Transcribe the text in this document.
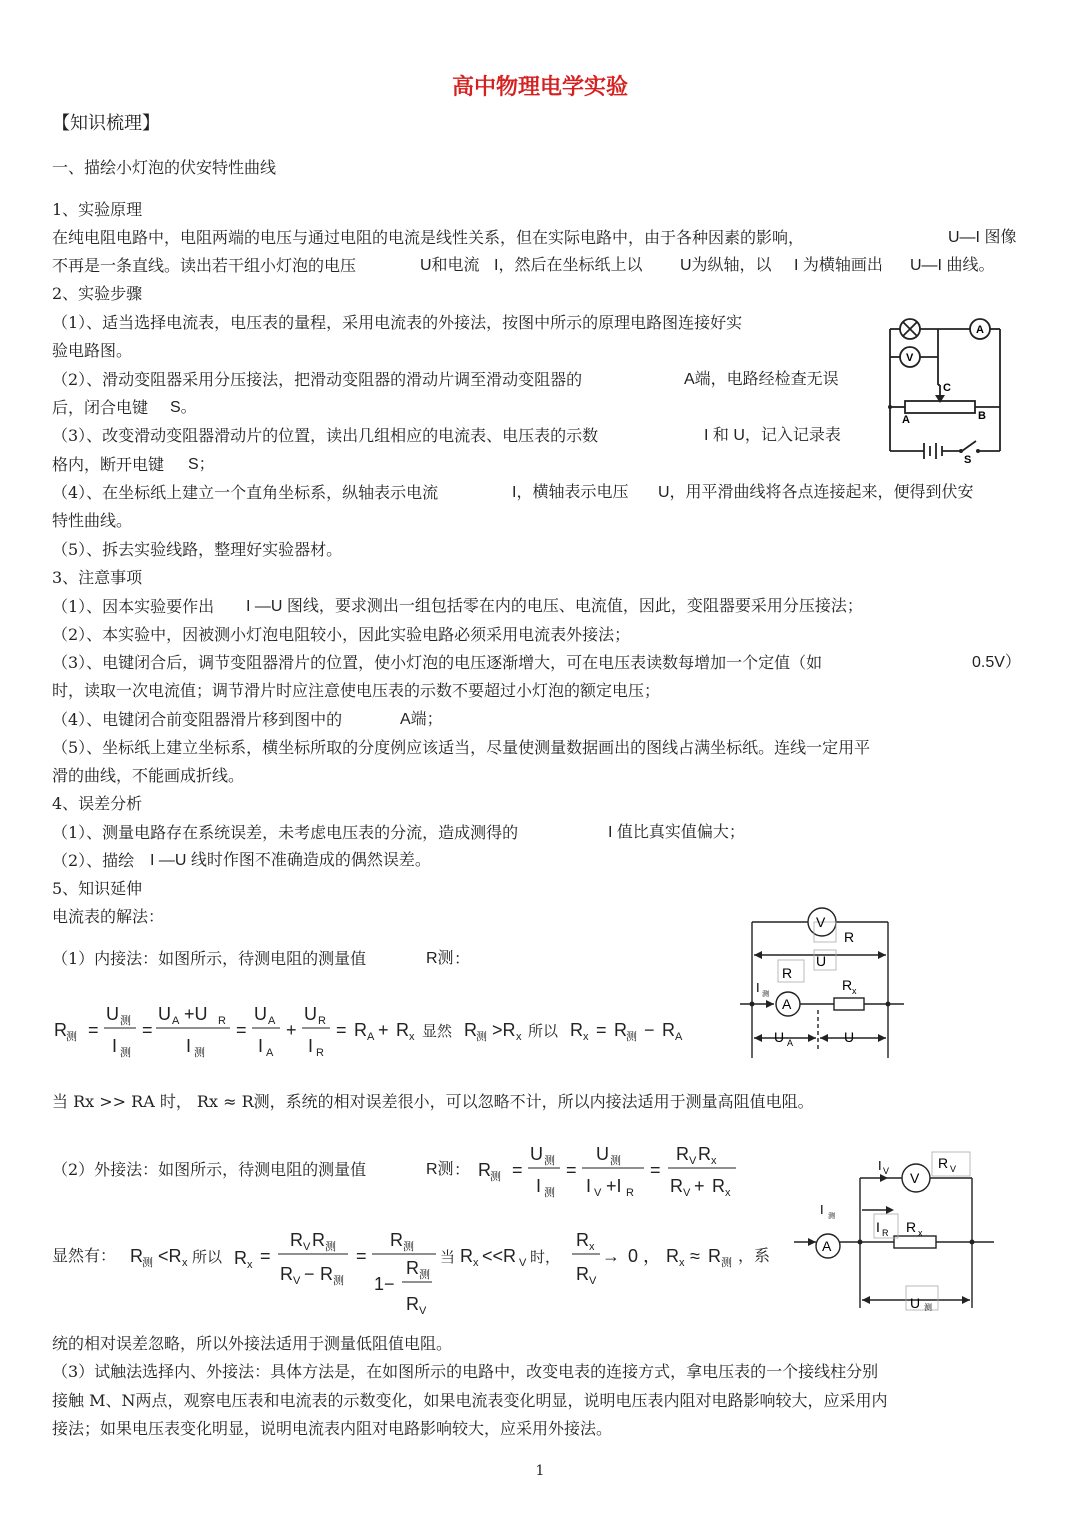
高中物理电学实验
【知识梳理】
一、描绘小灯泡的伏安特性曲线
1、实验原理
在纯电阻电路中，电阻两端的电压与通过电阻的电流是线性关系，但在实际电路中，由于各种因素的影响，	U—I 图像
不再是一条直线。读出若干组小灯泡的电压	U和电流 I，然后在坐标纸上以 U为纵轴，以 I 为横轴画出 U—I 曲线。
2、实验步骤
（1）、适当选择电流表，电压表的量程，采用电流表的外接法，按图中所示的原理电路图连接好实
验电路图。
（2）、滑动变阻器采用分压接法，把滑动变阻器的滑动片调至滑动变阻器的	A端，电路经检查无误
后，闭合电键 S。
（3）、改变滑动变阻器滑动片的位置，读出几组相应的电流表、电压表的示数	I 和 U，记入记录表
格内，断开电键 S；
（4）、在坐标纸上建立一个直角坐标系，纵轴表示电流	I，横轴表示电压 U，用平滑曲线将各点连接起来，便得到伏安
特性曲线。
（5）、拆去实验线路，整理好实验器材。
A
V
C
A	B
S
3、注意事项
（1）、因本实验要作出 I —U 图线，要求测出一组包括零在内的电压、电流值，因此，变阻器要采用分压接法；
（2）、本实验中，因被测小灯泡电阻较小，因此实验电路必须采用电流表外接法；
（3）、电键闭合后，调节变阻器滑片的位置，使小灯泡的电压逐渐增大，可在电压表读数每增加一个定值（如	0.5V）
时，读取一次电流值；调节滑片时应注意使电压表的示数不要超过小灯泡的额定电压；
（4）、电键闭合前变阻器滑片移到图中的	A端；
（5）、坐标纸上建立坐标系，横坐标所取的分度例应该适当，尽量使测量数据画出的图线占满坐标纸。连线一定用平
滑的曲线，不能画成折线。
4、误差分析
（1）、测量电路存在系统误差，未考虑电压表的分流，造成测得的	I 值比真实值偏大；
（2）、描绘 I —U 线时作图不准确造成的偶然误差。
5、知识延伸
电流表的解法：
（1）内接法：如图所示，待测电阻的测量值	R测 ：
R 测 =
U 测
I 测
=
U A +U R
I 测
=
U A
I A
+
U R
I R
= R A + R x 显然 R 测 >R x 所以 R x = R 测 − R A
V
R
U
R
R x
I 测
A
U A	U
当 Rx >> RA 时， Rx ≈ R测，系统的相对误差很小，可以忽略不计，所以内接法适用于测量高阻值电阻。
（2）外接法：如图所示，待测电阻的测量值	R测 ： R 测 =
U 测
I 测
=
U 测
I V +I R
=
R V R x
R V + R x
显然有： R 测 <R x 所以 R x =
R V R 测
R V − R 测
=
R 测
1−
R 测
R V
当 R x <<R V 时，
R x
R V
→ 0 ， R x ≈ R 测 ，系
I V V
R V
I 测
I R R x
A
U 测
统的相对误差忽略，所以外接法适用于测量低阻值电阻。
（3）试触法选择内、外接法：具体方法是，在如图所示的电路中，改变电表的连接方式，拿电压表的一个接线柱分别
接触 M、N两点，观察电压表和电流表的示数变化，如果电流表变化明显，说明电压表内阻对电路影响较大，应采用内
接法；如果电压表变化明显，说明电流表内阻对电路影响较大，应采用外接法。
1
